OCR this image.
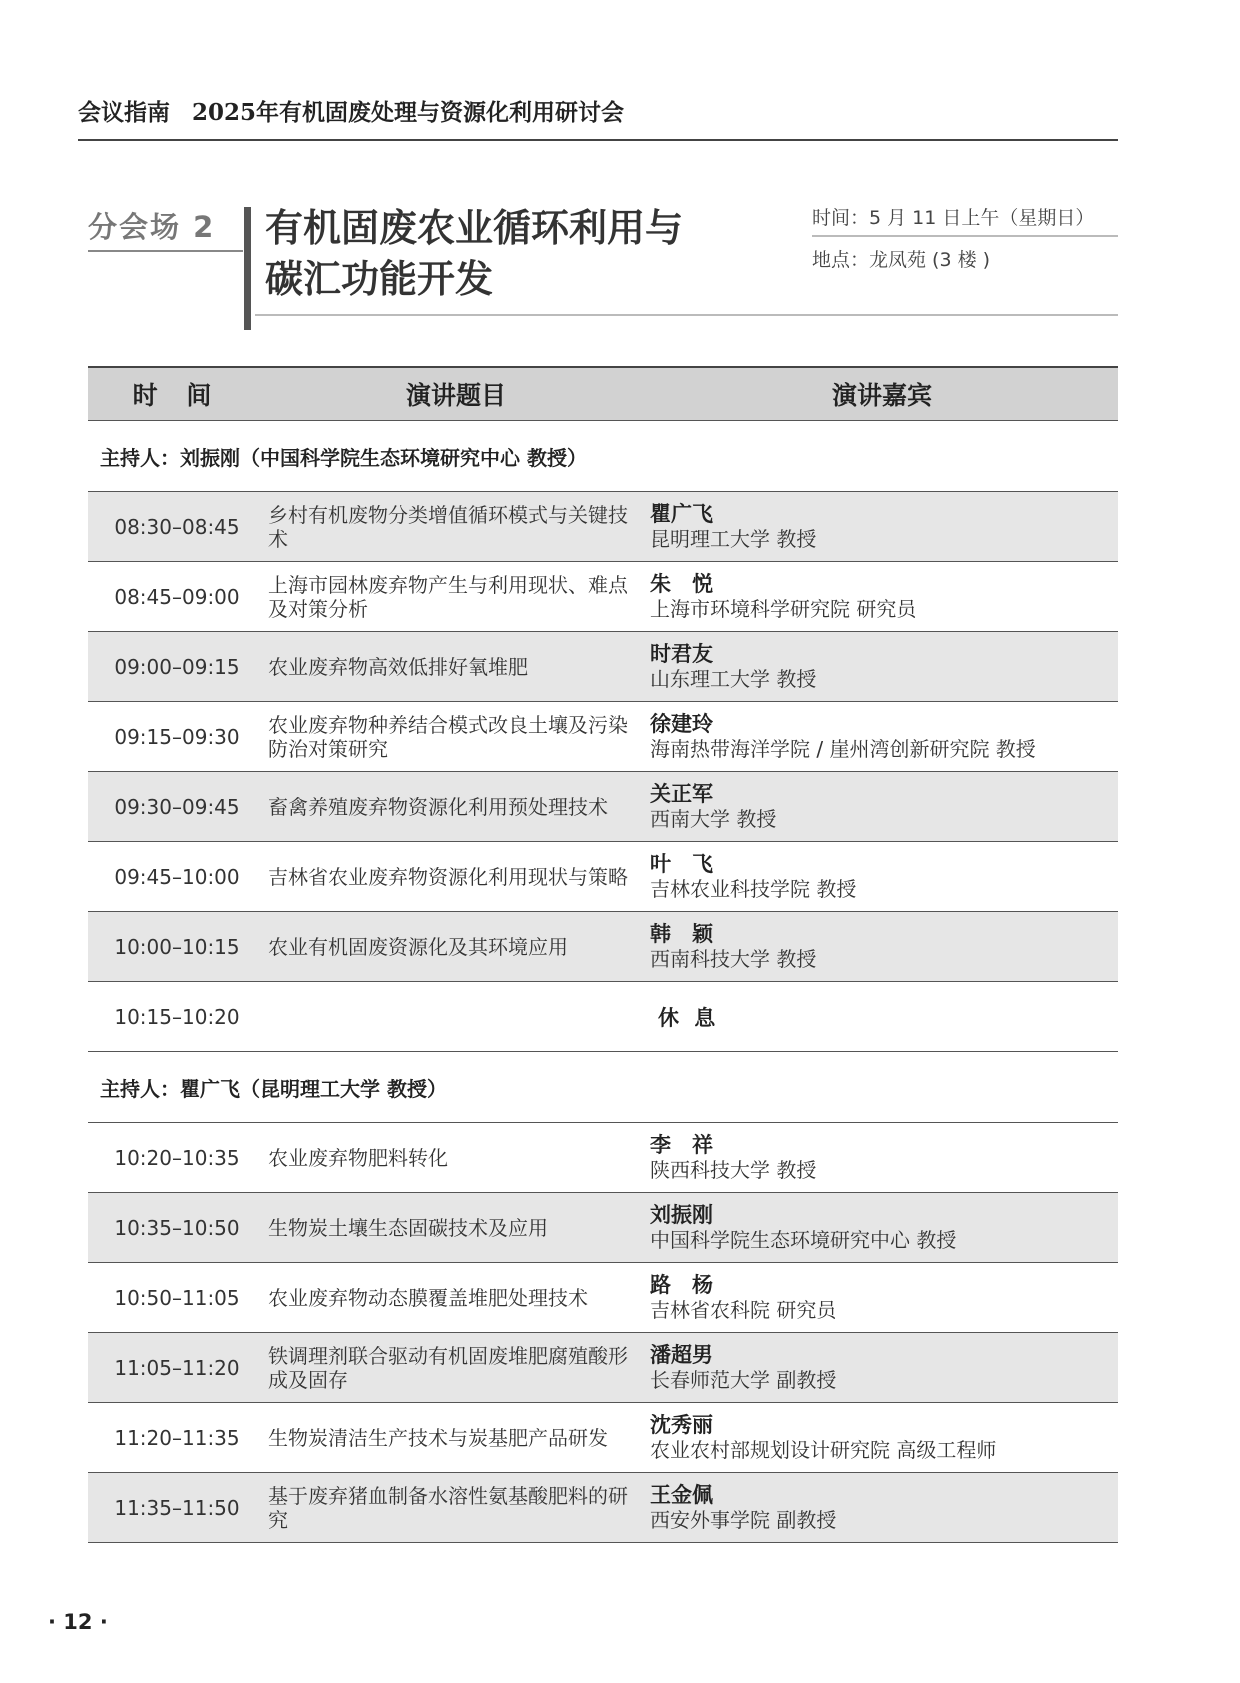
会议指南 2025年有机固废处理与资源化利用研讨会
分会场 2 有机固废农业循环利用与
碳汇功能开发
时间：5 月 11 日上午（星期日）
地点：龙凤苑 (3 楼 )
时 间	演讲题目	演讲嘉宾
主持人：刘振刚（中国科学院生态环境研究中心 教授）		
08:30–08:45	乡村有机废物分类增值循环模式与关键技术	瞿广飞
昆明理工大学 教授

08:45–09:00	上海市园林废弃物产生与利用现状、难点及对策分析	朱　悦
上海市环境科学研究院 研究员

09:00–09:15	农业废弃物高效低排好氧堆肥	时君友
山东理工大学 教授

09:15–09:30	农业废弃物种养结合模式改良土壤及污染防治对策研究	徐建玲
海南热带海洋学院 / 崖州湾创新研究院 教授

09:30–09:45	畜禽养殖废弃物资源化利用预处理技术	关正军
西南大学 教授

09:45–10:00	吉林省农业废弃物资源化利用现状与策略	叶　飞
吉林农业科技学院 教授

10:00–10:15	农业有机固废资源化及其环境应用	韩　颖
西南科技大学 教授

10:15–10:20		休 息
主持人：瞿广飞（昆明理工大学 教授）		
10:20–10:35	农业废弃物肥料转化	李　祥
陕西科技大学 教授

10:35–10:50	生物炭土壤生态固碳技术及应用	刘振刚
中国科学院生态环境研究中心 教授

10:50–11:05	农业废弃物动态膜覆盖堆肥处理技术	路　杨
吉林省农科院 研究员

11:05–11:20	铁调理剂联合驱动有机固废堆肥腐殖酸形成及固存	潘超男
长春师范大学 副教授

11:20–11:35	生物炭清洁生产技术与炭基肥产品研发	沈秀丽
农业农村部规划设计研究院 高级工程师

11:35–11:50	基于废弃猪血制备水溶性氨基酸肥料的研究	王金佩
西安外事学院 副教授
· 12 ·
